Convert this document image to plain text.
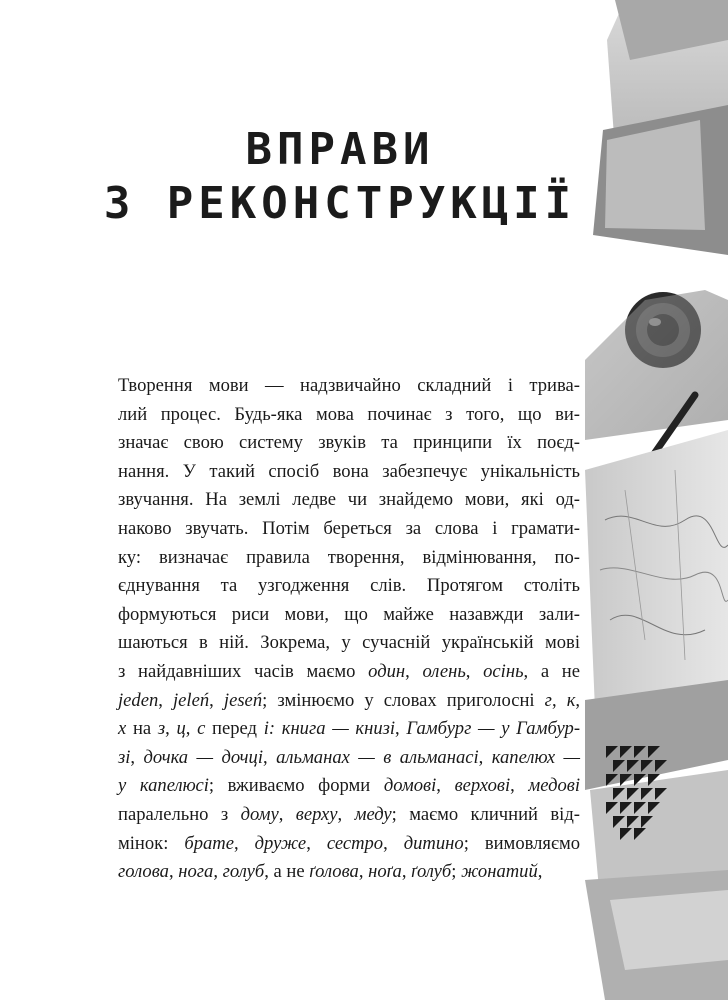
ВПРАВИ
З РЕКОНСТРУКЦІЇ
Творення мови — надзвичайно складний і трива-
лий процес. Будь-яка мова починає з того, що ви-
значає свою систему звуків та принципи їх поєд-
нання. У такий спосіб вона забезпечує унікальність
звучання. На землі ледве чи знайдемо мови, які од-
наково звучать. Потім береться за слова і грамати-
ку: визначає правила творення, відмінювання, по-
єднування та узгодження слів. Протягом століть
формуються риси мови, що майже назавжди зали-
шаються в ній. Зокрема, у сучасній українській мові
з найдавніших часів маємо один, олень, осінь, а не
jeden, jeleń, jeseń; змінюємо у словах приголосні г, к,
х на з, ц, с перед і: книга — книзі, Гамбург — у Гамбур-
зі, дочка — дочці, альманах — в альманасі, капелюх —
у капелюсі; вживаємо форми домові, верхові, медові
паралельно з дому, верху, меду; маємо кличний від-
мінок: брате, друже, сестро, дитино; вимовляємо
голова, нога, голуб, а не ґолова, ноґа, ґолуб; жонатий,
